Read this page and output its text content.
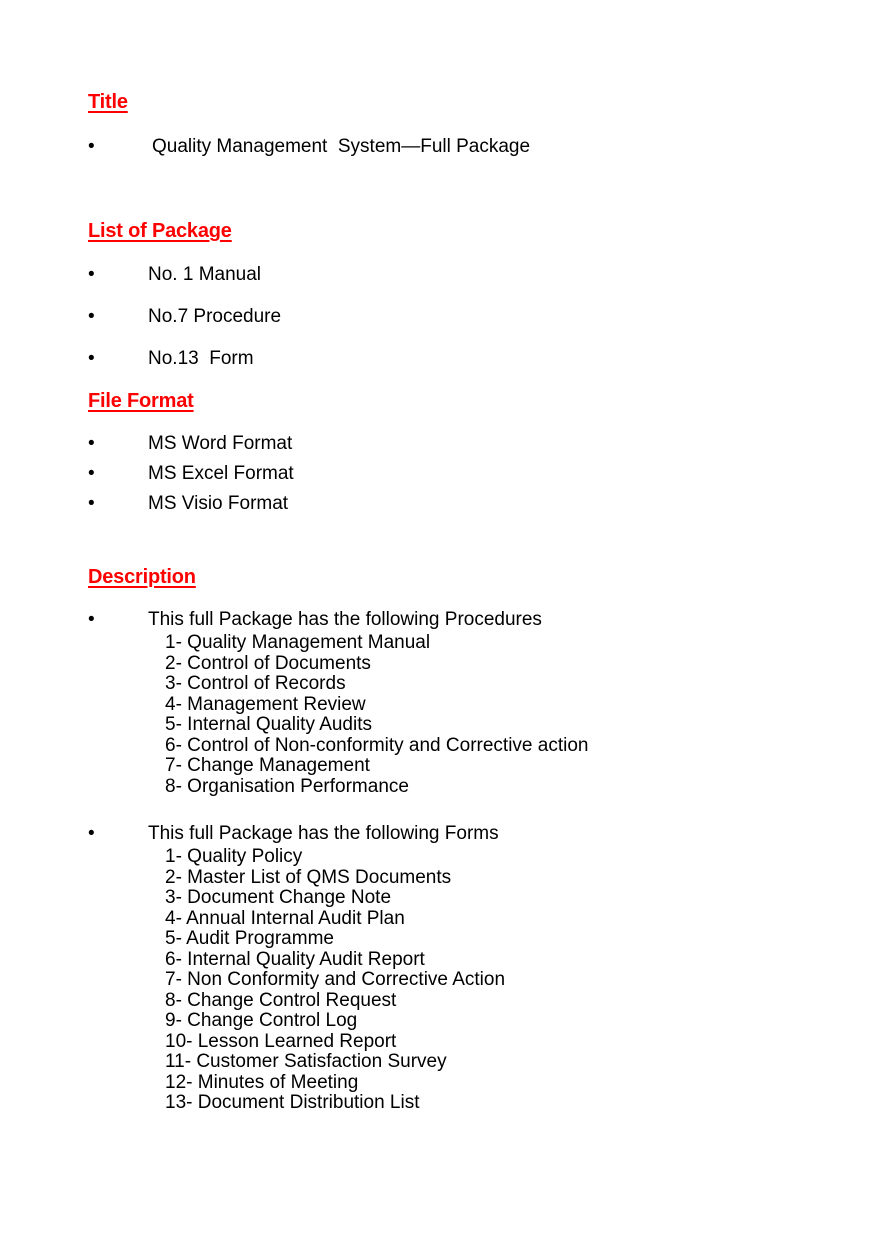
Title
•	Quality Management  System—Full Package
List of Package
•	No. 1 Manual
•	No.7 Procedure
•	No.13  Form
File Format
•	MS Word Format
•	MS Excel Format
•	MS Visio Format
Description
•	This full Package has the following Procedures
1- Quality Management Manual
2- Control of Documents
3- Control of Records
4- Management Review
5- Internal Quality Audits
6- Control of Non-conformity and Corrective action
7- Change Management
8- Organisation Performance
•	This full Package has the following Forms
1- Quality Policy
2- Master List of QMS Documents
3- Document Change Note
4- Annual Internal Audit Plan
5- Audit Programme
6- Internal Quality Audit Report
7- Non Conformity and Corrective Action
8- Change Control Request
9- Change Control Log
10- Lesson Learned Report
11- Customer Satisfaction Survey
12- Minutes of Meeting
13- Document Distribution List
